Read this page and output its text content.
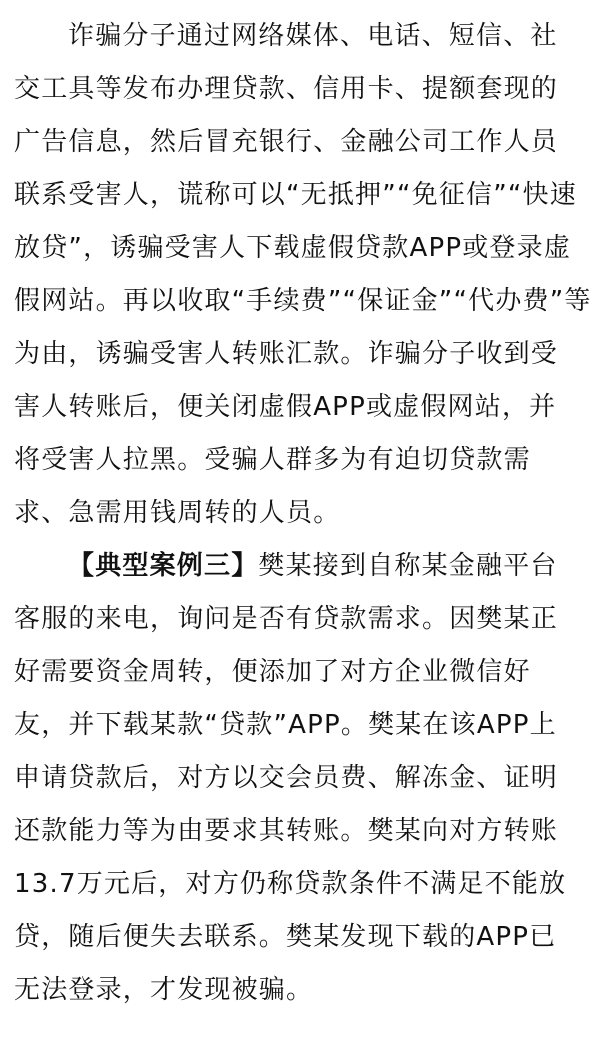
诈骗分子通过网络媒体、电话、短信、社
交工具等发布办理贷款、信用卡、提额套现的
广告信息，然后冒充银行、金融公司工作人员
联系受害人，谎称可以“无抵押”“免征信”“快速
放贷”，诱骗受害人下载虚假贷款APP或登录虚
假网站。再以收取“手续费”“保证金”“代办费”等
为由，诱骗受害人转账汇款。诈骗分子收到受
害人转账后，便关闭虚假APP或虚假网站，并
将受害人拉黑。受骗人群多为有迫切贷款需
求、急需用钱周转的人员。
【典型案例三】樊某接到自称某金融平台
客服的来电，询问是否有贷款需求。因樊某正
好需要资金周转，便添加了对方企业微信好
友，并下载某款“贷款”APP。樊某在该APP上
申请贷款后，对方以交会员费、解冻金、证明
还款能力等为由要求其转账。樊某向对方转账
13.7万元后，对方仍称贷款条件不满足不能放
贷，随后便失去联系。樊某发现下载的APP已
无法登录，才发现被骗。
